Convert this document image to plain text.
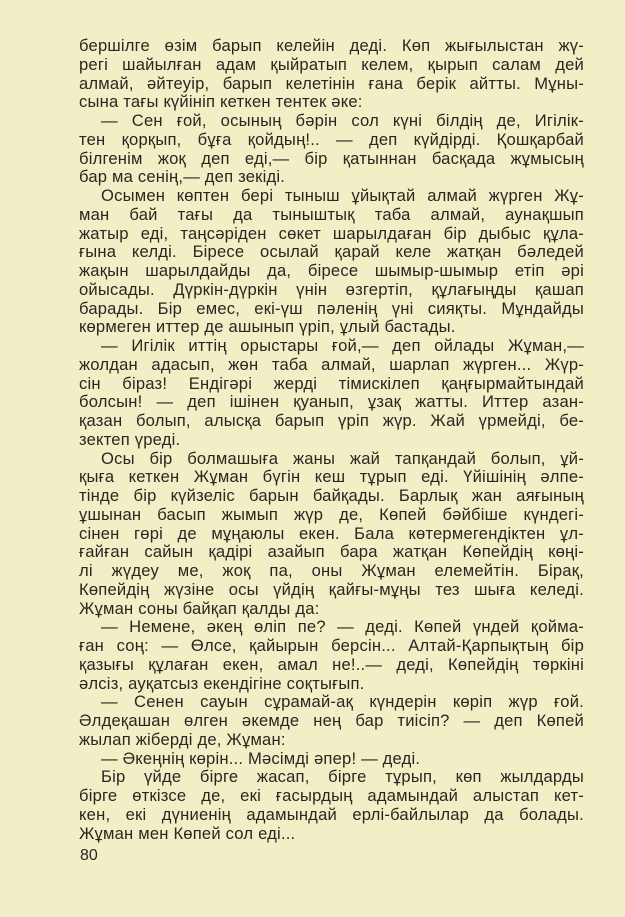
бершілге өзім барып келейін деді. Көп жығылыстан жү-
регі шайылған адам қыйратып келем, қырып салам дей
алмай, әйтеуір, барып келетінін ғана берік айтты. Мұны-
сына тағы күйініп кеткен тентек әке:
— Сен ғой, осының бәрін сол күні білдің де, Игілік-
тен қорқып, бұға қойдың!.. — деп күйдірді. Қошқарбай
білгенім жоқ деп еді,— бір қатыннан басқада жұмысың
бар ма сенің,— деп зекіді.
Осымен көптен бері тыныш ұйықтай алмай жүрген Жұ-
ман бай тағы да тыныштық таба алмай, аунақшып
жатыр еді, таңсәріден сөкет шарылдаған бір дыбыс құла-
ғына келді. Біресе осылай қарай келе жатқан бәледей
жақын шарылдайды да, біресе шымыр-шымыр етіп әрі
ойысады. Дүркін-дүркін үнін өзгертіп, құлағыңды қашап
барады. Бір емес, екі-үш пәленің үні сияқты. Мұндайды
көрмеген иттер де ашынып үріп, ұлый бастады.
— Игілік иттің орыстары ғой,— деп ойлады Жұман,—
жолдан адасып, жөн таба алмай, шарлап жүрген... Жүр-
сін біраз! Ендігәрі жерді тімискілеп қаңғырмайтындай
болсын! — деп ішінен қуанып, ұзақ жатты. Иттер азан-
қазан болып, алысқа барып үріп жүр. Жай үрмейді, бе-
зектеп үреді.
Осы бір болмашыға жаны жай тапқандай болып, ұй-
қыға кеткен Жұман бүгін кеш тұрып еді. Үйішінің әлпе-
тінде бір күйзеліс барын байқады. Барлық жан аяғының
ұшынан басып жымып жүр де, Көпей бәйбіше күндегі-
сінен гөрі де мұңаюлы екен. Бала көтермегендіктен ұл-
ғайған сайын қадірі азайып бара жатқан Көпейдің көңі-
лі жүдеу ме, жоқ па, оны Жұман елемейтін. Бірақ,
Көпейдің жүзіне осы үйдің қайғы-мұңы тез шыға келеді.
Жұман соны байқап қалды да:
— Немене, әкең өліп пе? — деді. Көпей үндей қойма-
ған соң: — Өлсе, қайырын берсін... Алтай-Қарпықтың бір
қазығы құлаған екен, амал не!..— деді, Көпейдің төркіні
әлсіз, ауқатсыз екендігіне соқтығып.
— Сенен сауын сұрамай-ақ күндерін көріп жүр ғой.
Әлдеқашан өлген әкемде нең бар тиісіп? — деп Көпей
жылап жіберді де, Жұман:
— Әкеңнің көрін... Мәсімді әпер! — деді.
Бір үйде бірге жасап, бірге тұрып, көп жылдарды
бірге өткізсе де, екі ғасырдың адамындай алыстап кет-
кен, екі дүниенің адамындай ерлі-байлылар да болады.
Жұман мен Көпей сол еді...
80
